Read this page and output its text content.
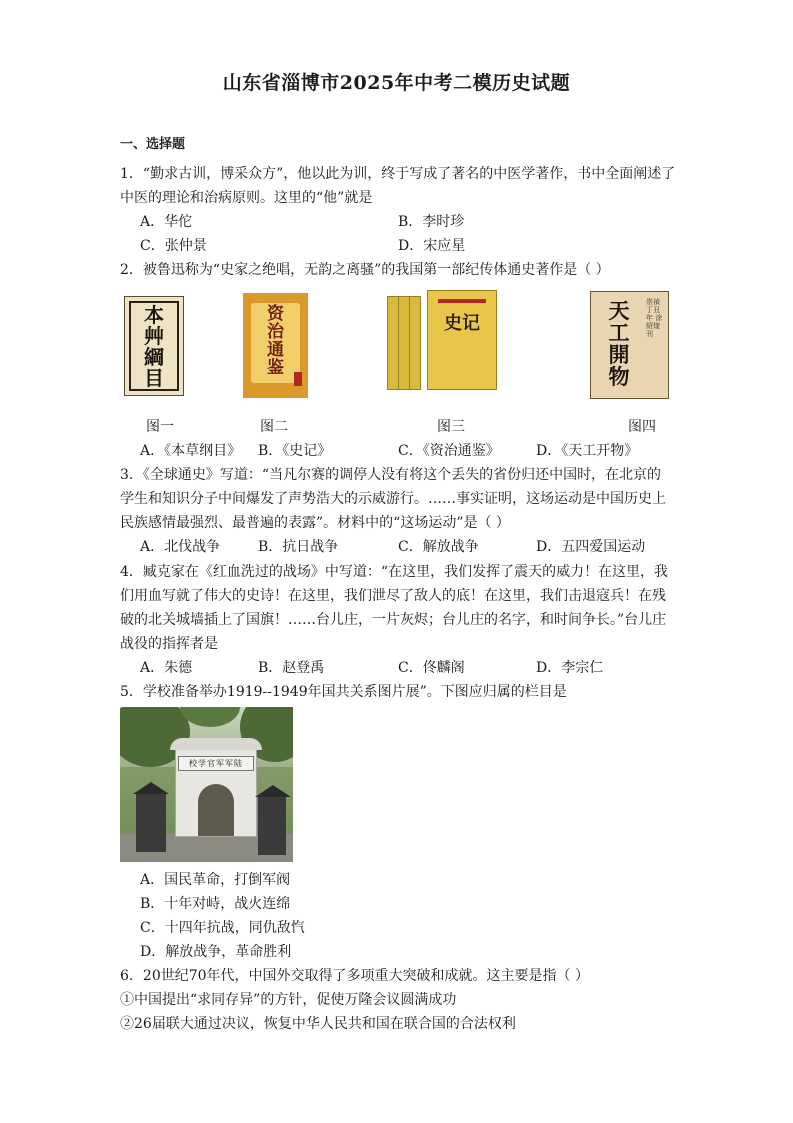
山东省淄博市2025年中考二模历史试题
一、选择题
1．“勤求古训，博采众方”，他以此为训，终于写成了著名的中医学著作，书中全面阐述了
中医的理论和治病原则。这里的“他”就是
A．华佗	B．李时珍
C．张仲景	D．宋应星
2．被鲁迅称为“史家之绝唱，无韵之离骚”的我国第一部纪传体通史著作是（ ）
本
艸
綱
目
资
治
通
鉴
史记
天
工
開
物
崇禎丁丑年 涂紹煃刊
图一	图二	图三	图四
A．《本草纲目》 B．《史记》	C．《资治通鉴》	D．《天工开物》
3．《全球通史》写道：“当凡尔赛的调停人没有将这个丢失的省份归还中国时，在北京的
学生和知识分子中间爆发了声势浩大的示威游行。……事实证明，这场运动是中国历史上
民族感情最强烈、最普遍的表露”。材料中的“这场运动”是（ ）
A．北伐战争	B．抗日战争	C．解放战争	D．五四爱国运动
4．臧克家在《红血洗过的战场》中写道：“在这里，我们发挥了震天的威力！在这里，我
们用血写就了伟大的史诗！在这里，我们泄尽了敌人的底！在这里，我们击退寇兵！在残
破的北关城墙插上了国旗！……台儿庄，一片灰烬；台儿庄的名字，和时间争长。”台儿庄
战役的指挥者是
A．朱德	B．赵登禹	C．佟麟阁	D．李宗仁
5．学校准备举办1919--1949年国共关系图片展”。下图应归属的栏目是
校学官军军陆
A．国民革命，打倒军阀
B．十年对峙，战火连绵
C．十四年抗战，同仇敌忾
D．解放战争，革命胜利
6．20世纪70年代，中国外交取得了多项重大突破和成就。这主要是指（ ）
①中国提出“求同存异”的方针，促使万隆会议圆满成功
②26届联大通过决议，恢复中华人民共和国在联合国的合法权利
